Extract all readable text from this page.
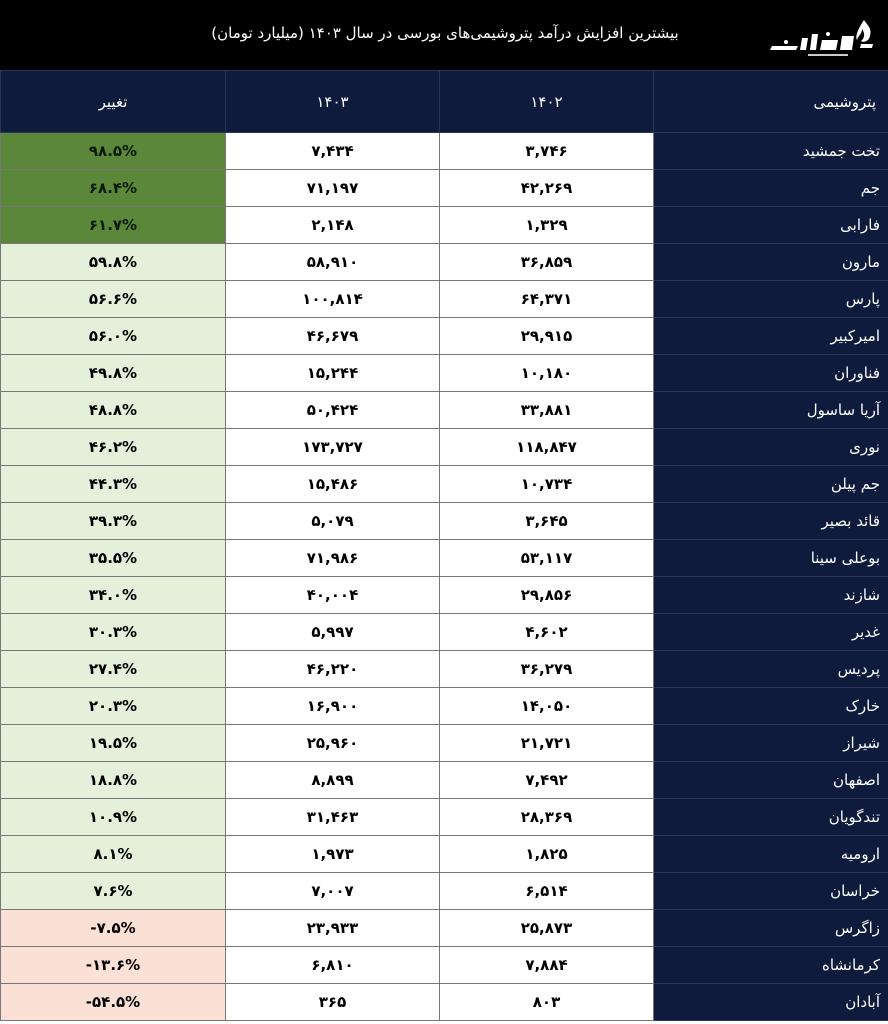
بیشترین افزایش درآمد پتروشیمی‌های بورسی در سال ۱۴۰۳ (میلیارد تومان)
تغییر	۱۴۰۳	۱۴۰۲	پتروشیمی
۹۸.۵%	۷,۴۳۴	۳,۷۴۶	تخت جمشید
۶۸.۴%	۷۱,۱۹۷	۴۲,۲۶۹	جم
۶۱.۷%	۲,۱۴۸	۱,۳۲۹	فارابی
۵۹.۸%	۵۸,۹۱۰	۳۶,۸۵۹	مارون
۵۶.۶%	۱۰۰,۸۱۴	۶۴,۳۷۱	پارس
۵۶.۰%	۴۶,۶۷۹	۲۹,۹۱۵	امیرکبیر
۴۹.۸%	۱۵,۲۴۴	۱۰,۱۸۰	فناوران
۴۸.۸%	۵۰,۴۲۴	۳۳,۸۸۱	آریا ساسول
۴۶.۲%	۱۷۳,۷۲۷	۱۱۸,۸۴۷	نوری
۴۴.۳%	۱۵,۴۸۶	۱۰,۷۳۴	جم پیلن
۳۹.۳%	۵,۰۷۹	۳,۶۴۵	قائد بصیر
۳۵.۵%	۷۱,۹۸۶	۵۳,۱۱۷	بوعلی سینا
۳۴.۰%	۴۰,۰۰۴	۲۹,۸۵۶	شازند
۳۰.۳%	۵,۹۹۷	۴,۶۰۲	غدیر
۲۷.۴%	۴۶,۲۲۰	۳۶,۲۷۹	پردیس
۲۰.۳%	۱۶,۹۰۰	۱۴,۰۵۰	خارک
۱۹.۵%	۲۵,۹۶۰	۲۱,۷۲۱	شیراز
۱۸.۸%	۸,۸۹۹	۷,۴۹۲	اصفهان
۱۰.۹%	۳۱,۴۶۳	۲۸,۳۶۹	تندگویان
۸.۱%	۱,۹۷۳	۱,۸۲۵	ارومیه
۷.۶%	۷,۰۰۷	۶,۵۱۴	خراسان
-۷.۵%	۲۳,۹۳۳	۲۵,۸۷۳	زاگرس
-۱۳.۶%	۶,۸۱۰	۷,۸۸۴	کرمانشاه
-۵۴.۵%	۳۶۵	۸۰۳	آبادان
